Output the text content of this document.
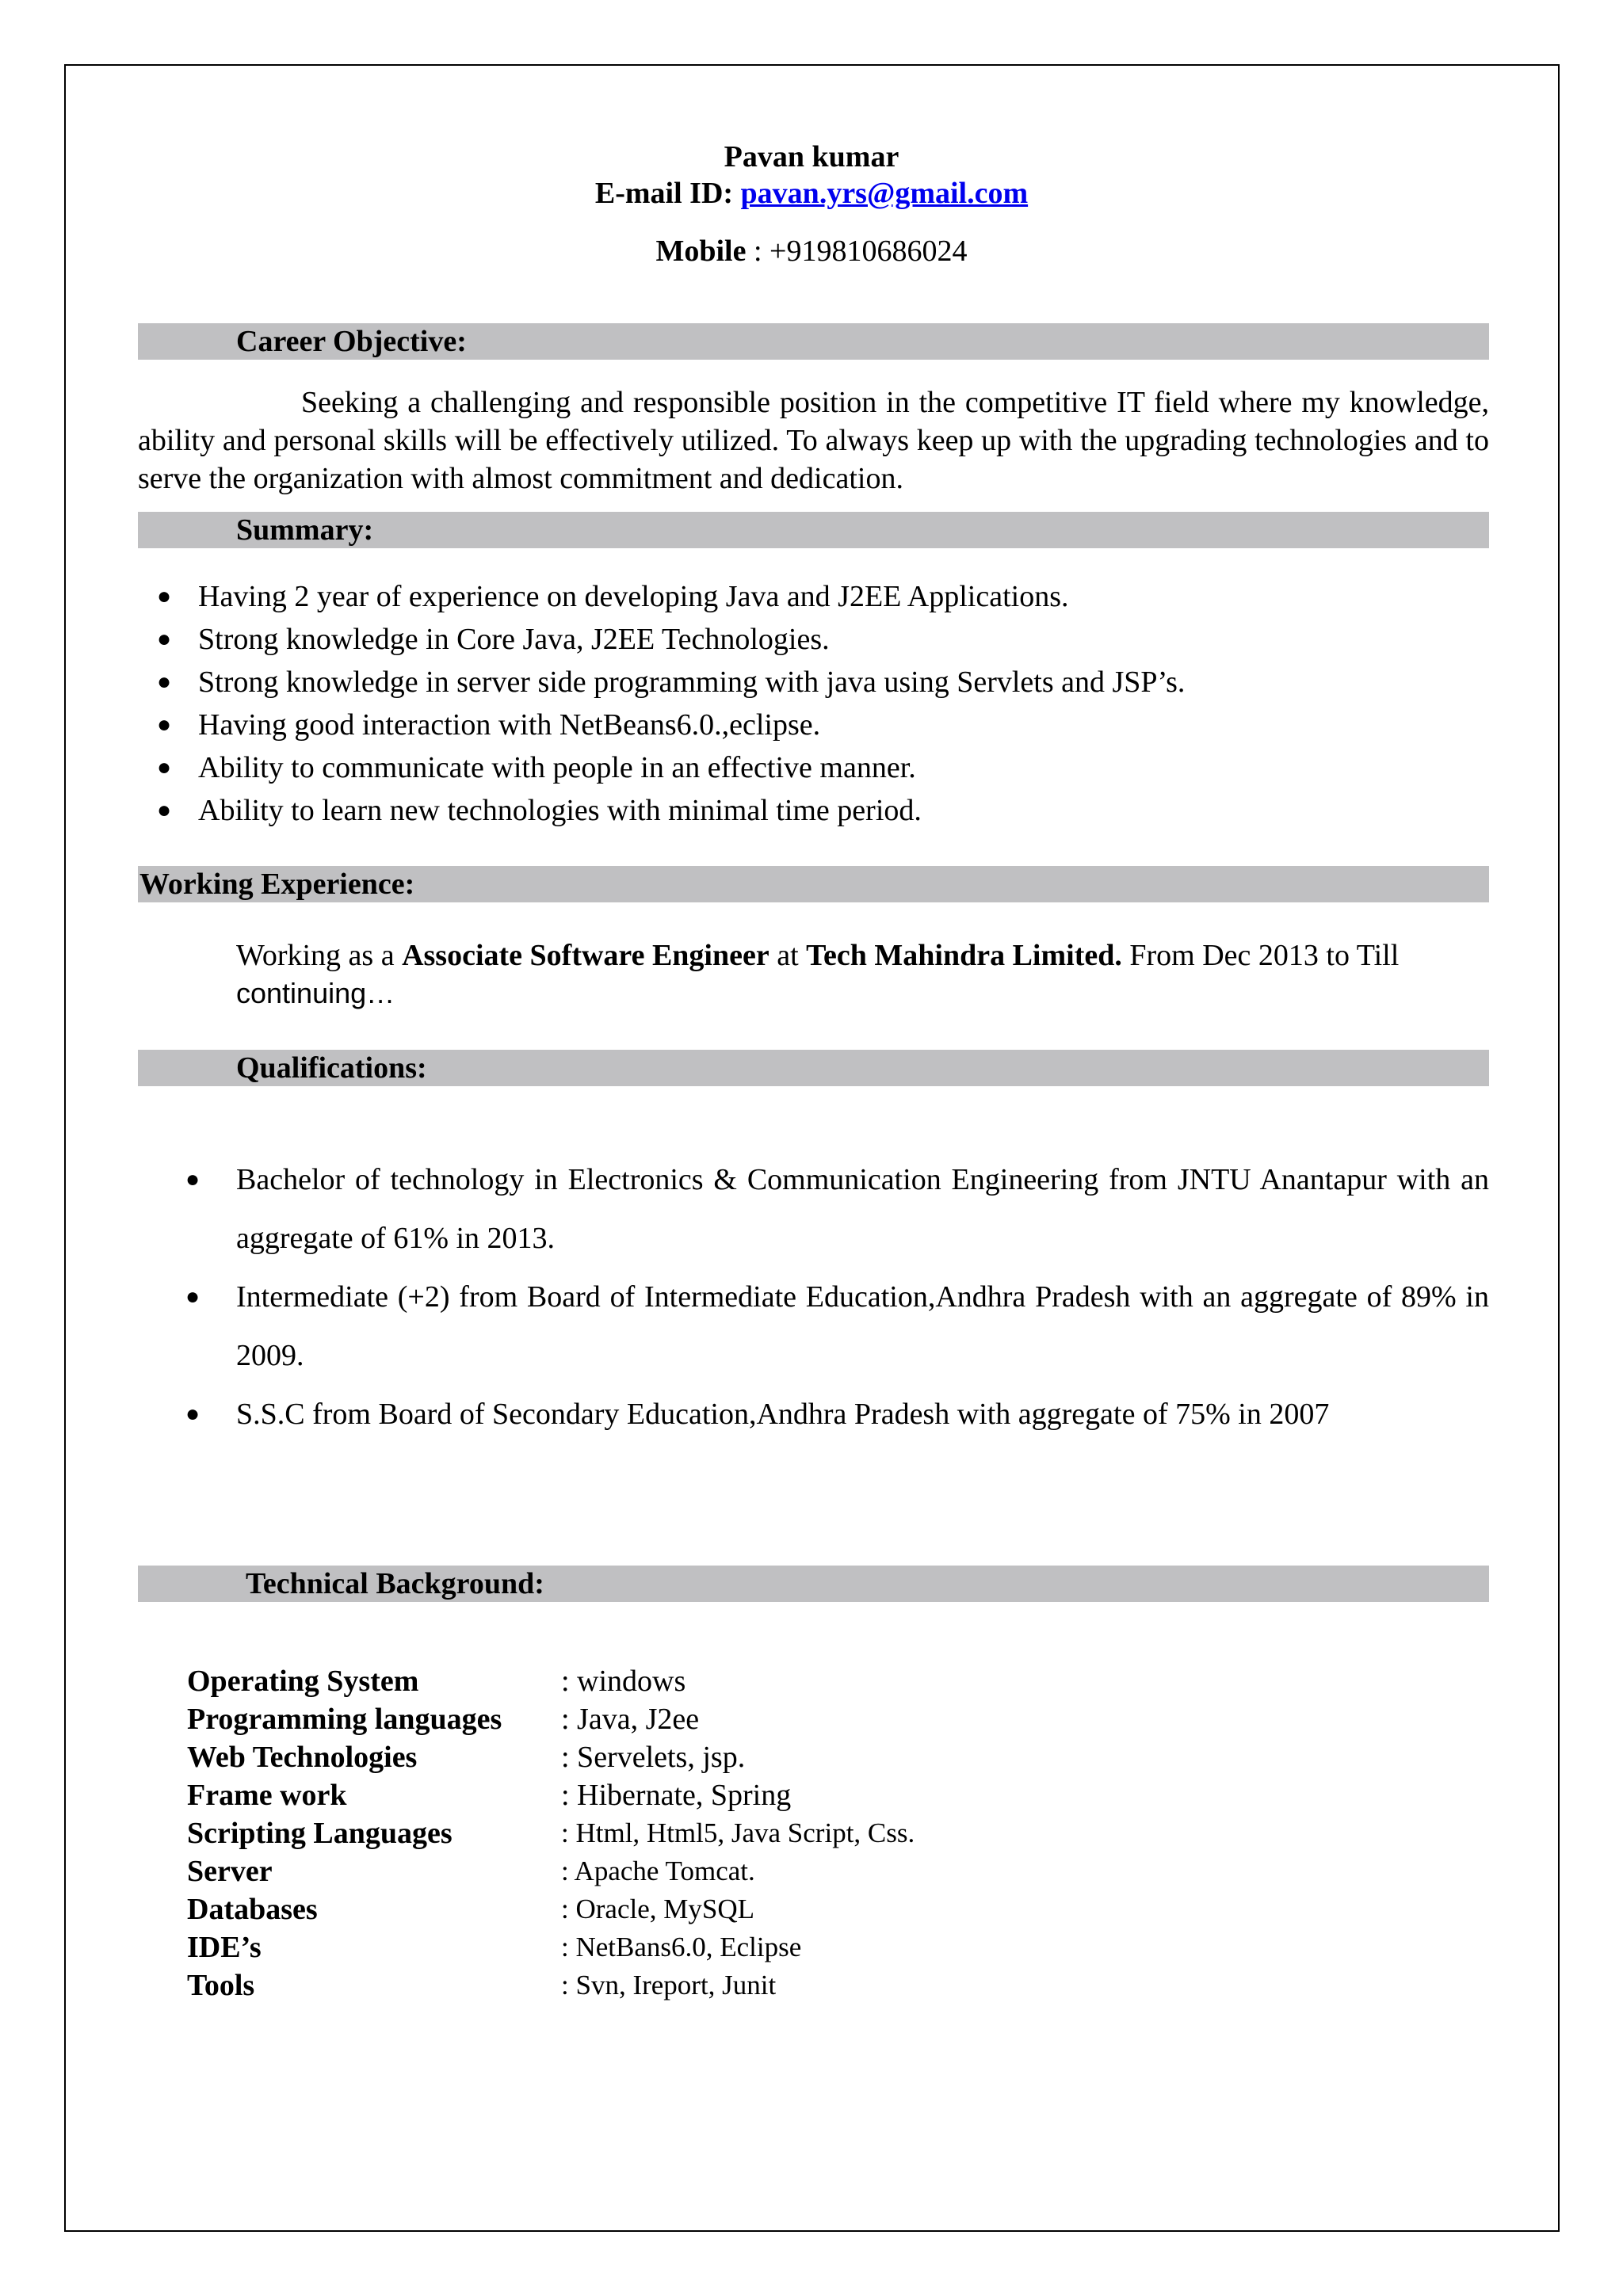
Pavan kumar
E-mail ID: pavan.yrs@gmail.com
Mobile : +919810686024
Career Objective:
Seeking a challenging and responsible position in the competitive IT field where my knowledge, ability and personal skills will be effectively utilized. To always keep up with the upgrading technologies and to serve the organization with almost commitment and dedication.
Summary:
● Having 2 year of experience on developing Java and J2EE Applications.
● Strong knowledge in Core Java, J2EE Technologies.
● Strong knowledge in server side programming with java using Servlets and JSP’s.
● Having good interaction with NetBeans6.0.,eclipse.
● Ability to communicate with people in an effective manner.
● Ability to learn new technologies with minimal time period.
Working Experience:
Working as a Associate Software Engineer at Tech Mahindra Limited. From Dec 2013 to Till continuing…
Qualifications:
● Bachelor of technology in Electronics & Communication Engineering from JNTU Anantapur with an aggregate of 61% in 2013.
● Intermediate (+2) from Board of Intermediate Education,Andhra Pradesh with an aggregate of 89% in 2009.
● S.S.C from Board of Secondary Education,Andhra Pradesh with aggregate of 75% in 2007
Technical Background:
Operating System	: windows
Programming languages : Java, J2ee
Web Technologies	: Servelets, jsp.
Frame work	: Hibernate, Spring
Scripting Languages	: Html, Html5, Java Script, Css.
Server	: Apache Tomcat.
Databases	: Oracle, MySQL
IDE’s	: NetBans6.0, Eclipse
Tools	: Svn, Ireport, Junit
